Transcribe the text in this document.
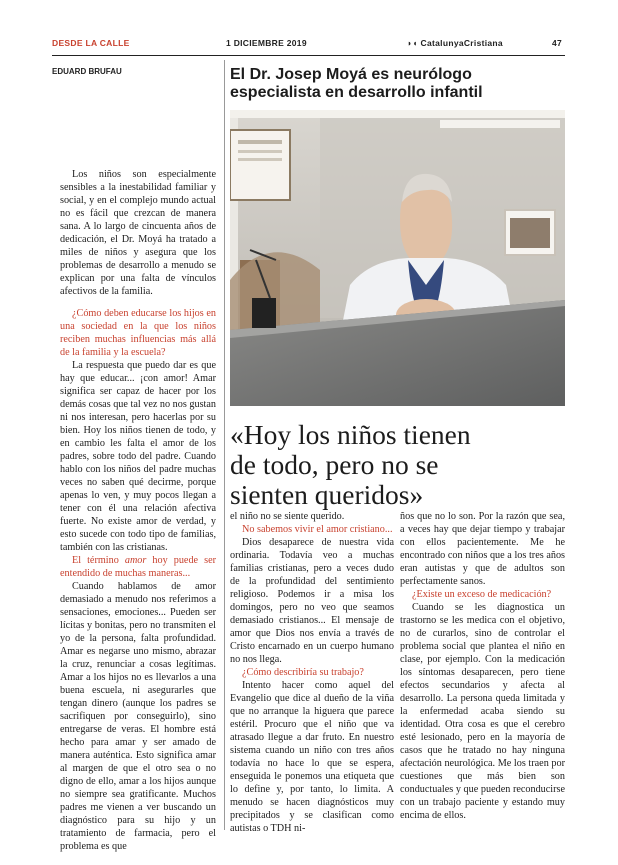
DESDE LA CALLE	1 DICIEMBRE 2019	◗◖ CatalunyaCristiana	47
EDUARD BRUFAU	El Dr. Josep Moyá es neurólogo
especialista en desarrollo infantil
«Hoy los niños tienen
de todo, pero no se
sienten queridos»

Los niños son especialmente sensibles a la inestabilidad familiar y social, y en el complejo mundo actual no es fácil que crezcan de manera sana. A lo largo de cincuenta años de dedicación, el Dr. Moyá ha tratado a miles de niños y asegura que los problemas de desarrollo a menudo se explican por una falta de vínculos afectivos de la familia.

¿Cómo deben educarse los hijos en una sociedad en la que los niños reciben muchas influencias más allá de la familia y la escuela?

La respuesta que puedo dar es que hay que educar... ¡con amor! Amar significa ser capaz de hacer por los demás cosas que tal vez no nos gustan ni nos interesan, pero hacerlas por su bien. Hoy los niños tienen de todo, y en cambio les falta el amor de los padres, sobre todo del padre. Cuando hablo con los niños del padre muchas veces no saben qué decirme, porque apenas lo ven, y muy pocos llegan a tener con él una relación afectiva fuerte. No existe amor de verdad, y esto sucede con todo tipo de familias, también con las cristianas.

El término amor hoy puede ser entendido de muchas maneras...

Cuando hablamos de amor demasiado a menudo nos referimos a sensaciones, emociones... Pueden ser lícitas y bonitas, pero no transmiten el yo de la persona, falta profundidad. Amar es negarse uno mismo, abrazar la cruz, renunciar a cosas legítimas. Amar a los hijos no es llevarlos a una buena escuela, ni asegurarles que tengan dinero (aunque los padres se sacrifiquen por conseguirlo), sino entregarse de veras. El hombre está hecho para amar y ser amado de manera auténtica. Esto significa amar al margen de que el otro sea o no digno de ello, amar a los hijos aunque no siempre sea gratificante. Muchos padres me vienen a ver buscando un diagnóstico para su hijo y un tratamiento de farmacia, pero el problema es que

el niño no se siente querido.

No sabemos vivir el amor cristiano...

Dios desaparece de nuestra vida ordinaria. Todavía veo a muchas familias cristianas, pero a veces dudo de la profundidad del sentimiento religioso. Podemos ir a misa los domingos, pero no veo que seamos demasiado cristianos... El mensaje de amor que Dios nos envía a través de Cristo encarnado en un cuerpo humano no nos llega.

¿Cómo describiría su trabajo?

Intento hacer como aquel del Evangelio que dice al dueño de la viña que no arranque la higuera que parece estéril. Procuro que el niño que va atrasado llegue a dar fruto. En nuestro sistema cuando un niño con tres años todavía no hace lo que se espera, enseguida le ponemos una etiqueta que lo define y, por tanto, lo limita. A menudo se hacen diagnósticos muy precipitados y se clasifican como autistas o TDH ni-

ños que no lo son. Por la razón que sea, a veces hay que dejar tiempo y trabajar con ellos pacientemente. Me he encontrado con niños que a los tres años eran autistas y que de adultos son perfectamente sanos.

¿Existe un exceso de medicación?

Cuando se les diagnostica un trastorno se les medica con el objetivo, no de curarlos, sino de controlar el problema social que plantea el niño en clase, por ejemplo. Con la medicación los síntomas desaparecen, pero tiene efectos secundarios y afecta al desarrollo. La persona queda limitada y la enfermedad acaba siendo su identidad. Otra cosa es que el cerebro esté lesionado, pero en la mayoría de casos que he tratado no hay ninguna afectación neurológica. Me los traen por cuestiones que más bien son conductuales y que pueden reconducirse con un trabajo paciente y estando muy encima de ellos.
